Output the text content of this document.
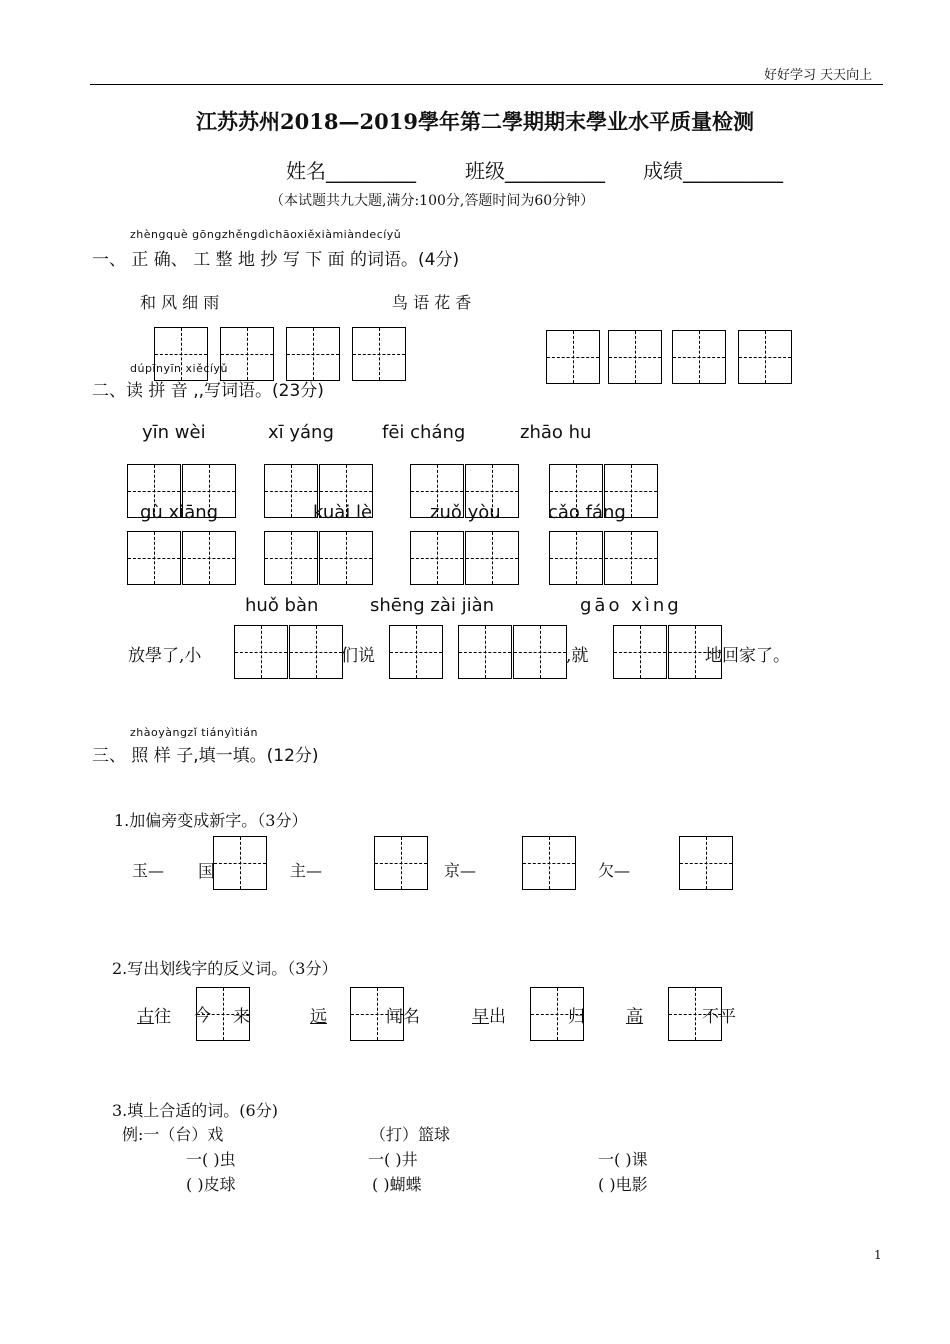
好好学习 天天向上
江苏苏州2018—2019學年第二學期期末學业水平质量检测
姓名_________ 班级__________ 成绩__________
（本试题共九大题,满分:100分,答题时间为60分钟）
zhèngquè gōngzhěngdìchāoxiěxiàmiàndecíyǔ
一、 正 确、 工 整 地 抄 写 下 面 的词语。(4分)
和 风 细 雨	鸟 语 花 香
dúpīnyīn xiěcíyǔ
二、读 拼 音 ,,写词语。(23分)
yīn wèi	xī yáng	fēi cháng	zhāo hu
gù xiāng	kuài lè	zuǒ yòu	cǎo fáng
huǒ bàn	shēng zài jiàn	gāo xìng
放學了,小	们说	,就	地回家了。
zhàoyàngzǐ tiányìtián
三、 照 样 子,填一填。(12分)
1.加偏旁变成新字。（3分）
玉— 国	主—	京—	欠—
2.写出划线字的反义词。（3分）
古往 今 来	远	闻名	早出	归 高	不平
3.填上合适的词。(6分)
例:一（台）戏	（打）篮球
一( )虫	一( )井	一( )课
( )皮球	( )蝴蝶	( )电影
1
